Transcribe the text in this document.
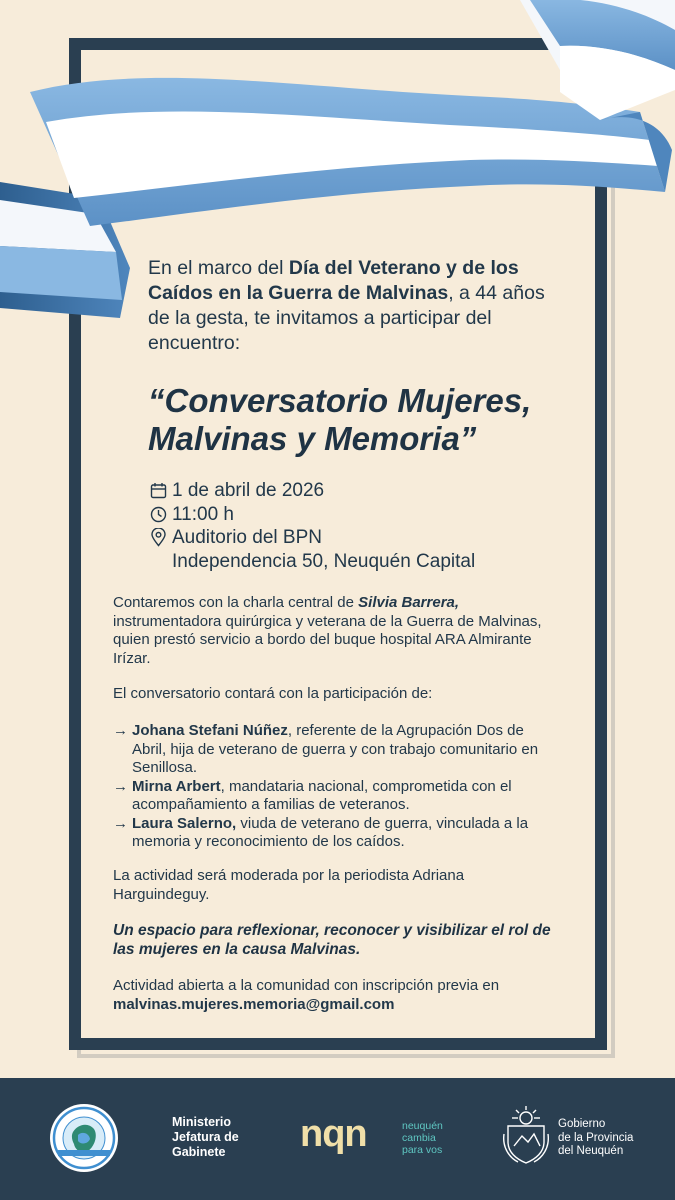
En el marco del Día del Veterano y de los Caídos en la Guerra de Malvinas, a 44 años de la gesta, te invitamos a participar del encuentro:
“Conversatorio Mujeres,
Malvinas y Memoria”
1 de abril de 2026
11:00 h
Auditorio del BPN
Independencia 50, Neuquén Capital
Contaremos con la charla central de Silvia Barrera, instrumentadora quirúrgica y veterana de la Guerra de Malvinas, quien prestó servicio a bordo del buque hospital ARA Almirante Irízar.
El conversatorio contará con la participación de:
→ Johana Stefani Núñez, referente de la Agrupación Dos de Abril, hija de veterano de guerra y con trabajo comunitario en Senillosa.
→ Mirna Arbert, mandataria nacional, comprometida con el acompañamiento a familias de veteranos.
→ Laura Salerno, viuda de veterano de guerra, vinculada a la memoria y reconocimiento de los caídos.
La actividad será moderada por la periodista Adriana Harguindeguy.
Un espacio para reflexionar, reconocer y visibilizar el rol de las mujeres en la causa Malvinas.
Actividad abierta a la comunidad con inscripción previa en
malvinas.mujeres.memoria@gmail.com
Ministerio
Jefatura de
Gabinete	nqn	neuquén
cambia
para vos
Gobierno
de la Provincia
del Neuquén
